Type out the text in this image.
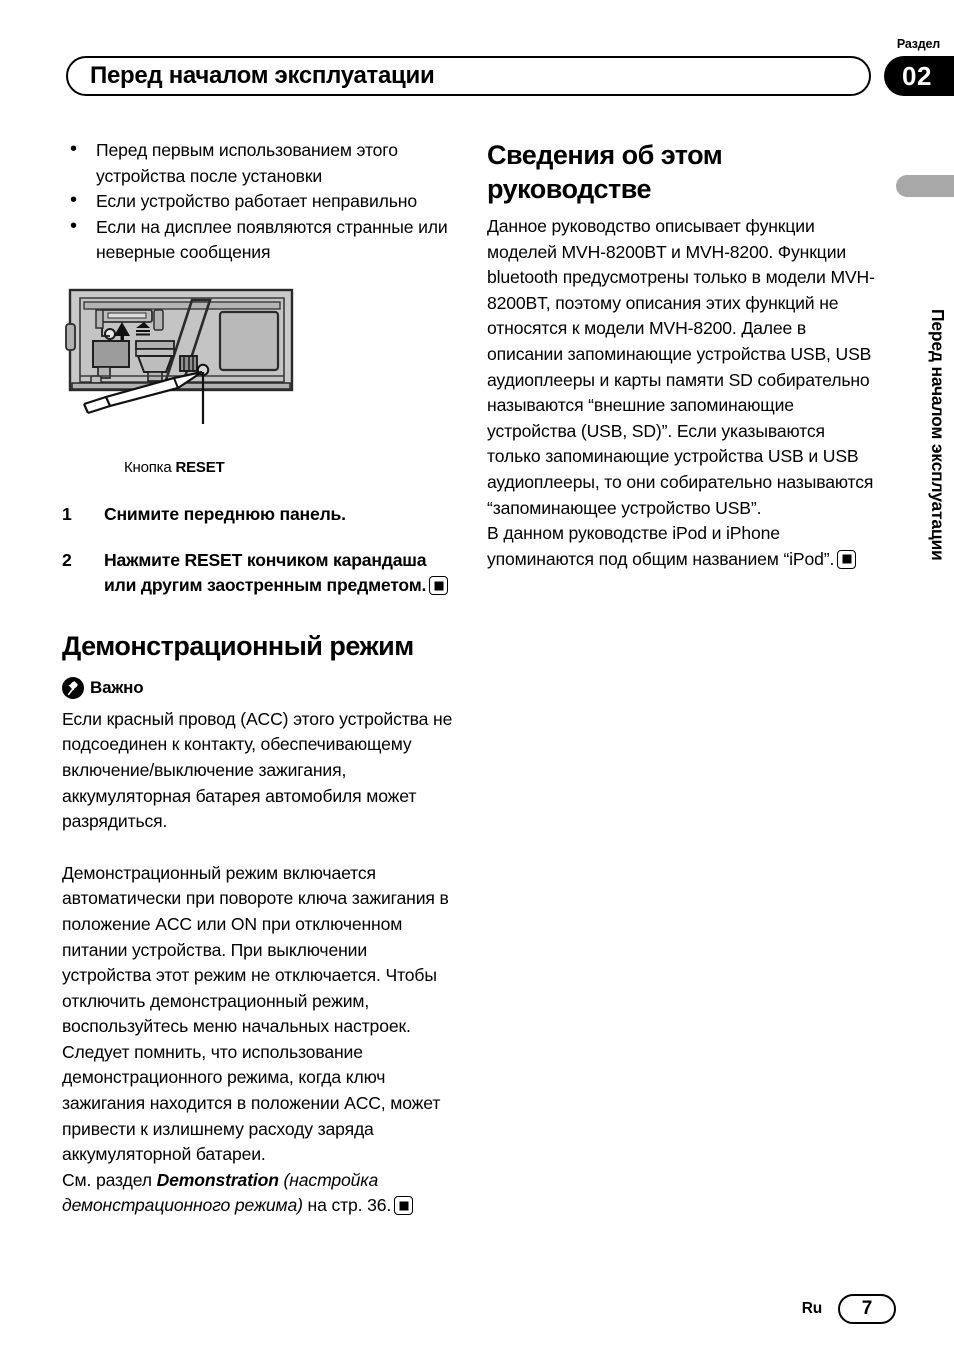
Раздел
02
Перед началом эксплуатации
Перед началом эксплуатации
• Перед первым использованием этого устройства после установки
• Если устройство работает неправильно
• Если на дисплее появляются странные или неверные сообщения

Кнопка RESET

1 Снимите переднюю панель.

2 Нажмите RESET кончиком карандаша или другим заостренным предметом.

Демонстрационный режим
Важно

Если красный провод (ACC) этого устройства не подсоединен к контакту, обеспечивающему включение/выключение зажигания, аккумуляторная батарея автомобиля может разрядиться.

Демонстрационный режим включается автоматически при повороте ключа зажигания в положение ACC или ON при отключенном питании устройства. При выключении устройства этот режим не отключается. Чтобы отключить демонстрационный режим, воспользуйтесь меню начальных настроек. Следует помнить, что использование демонстрационного режима, когда ключ зажигания находится в положении ACC, может привести к излишнему расходу заряда аккумуляторной батареи.

См. раздел Demonstration (настройка демонстрационного режима) на стр. 36.

Сведения об этом руководстве

Данное руководство описывает функции моделей MVH-8200BT и MVH-8200. Функции bluetooth предусмотрены только в модели MVH-8200BT, поэтому описания этих функций не относятся к модели MVH-8200. Далее в описании запоминающие устройства USB, USB аудиоплееры и карты памяти SD собирательно называются “внешние запоминающие устройства (USB, SD)”. Если указываются только запоминающие устройства USB и USB аудиоплееры, то они собирательно называются “запоминающее устройство USB”.

В данном руководстве iPod и iPhone упоминаются под общим названием “iPod”.

Ru	7
